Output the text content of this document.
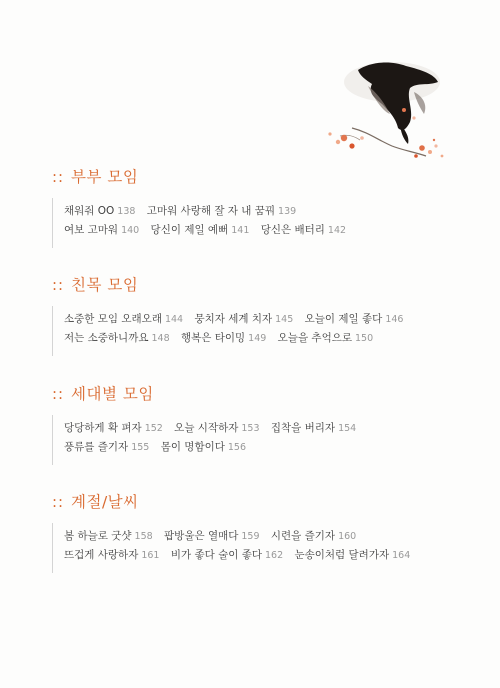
:: 부부 모임
채워줘 OO 138 고마워 사랑해 잘 자 내 꿈꿔 139
여보 고마워 140 당신이 제일 예뻐 141 당신은 배터리 142
:: 친목 모임
소중한 모임 오래오래 144 뭉치자 세계 치자 145 오늘이 제일 좋다 146
저는 소중하니까요 148 행복은 타이밍 149 오늘을 추억으로 150
:: 세대별 모임
당당하게 확 펴자 152 오늘 시작하자 153 집착을 버리자 154
풍류를 즐기자 155 몸이 명함이다 156
:: 계절/날씨
봄 하늘로 굿샷 158 팝방울은 열매다 159 시련을 즐기자 160
뜨겁게 사랑하자 161 비가 좋다 술이 좋다 162 눈송이처럼 달려가자 164
